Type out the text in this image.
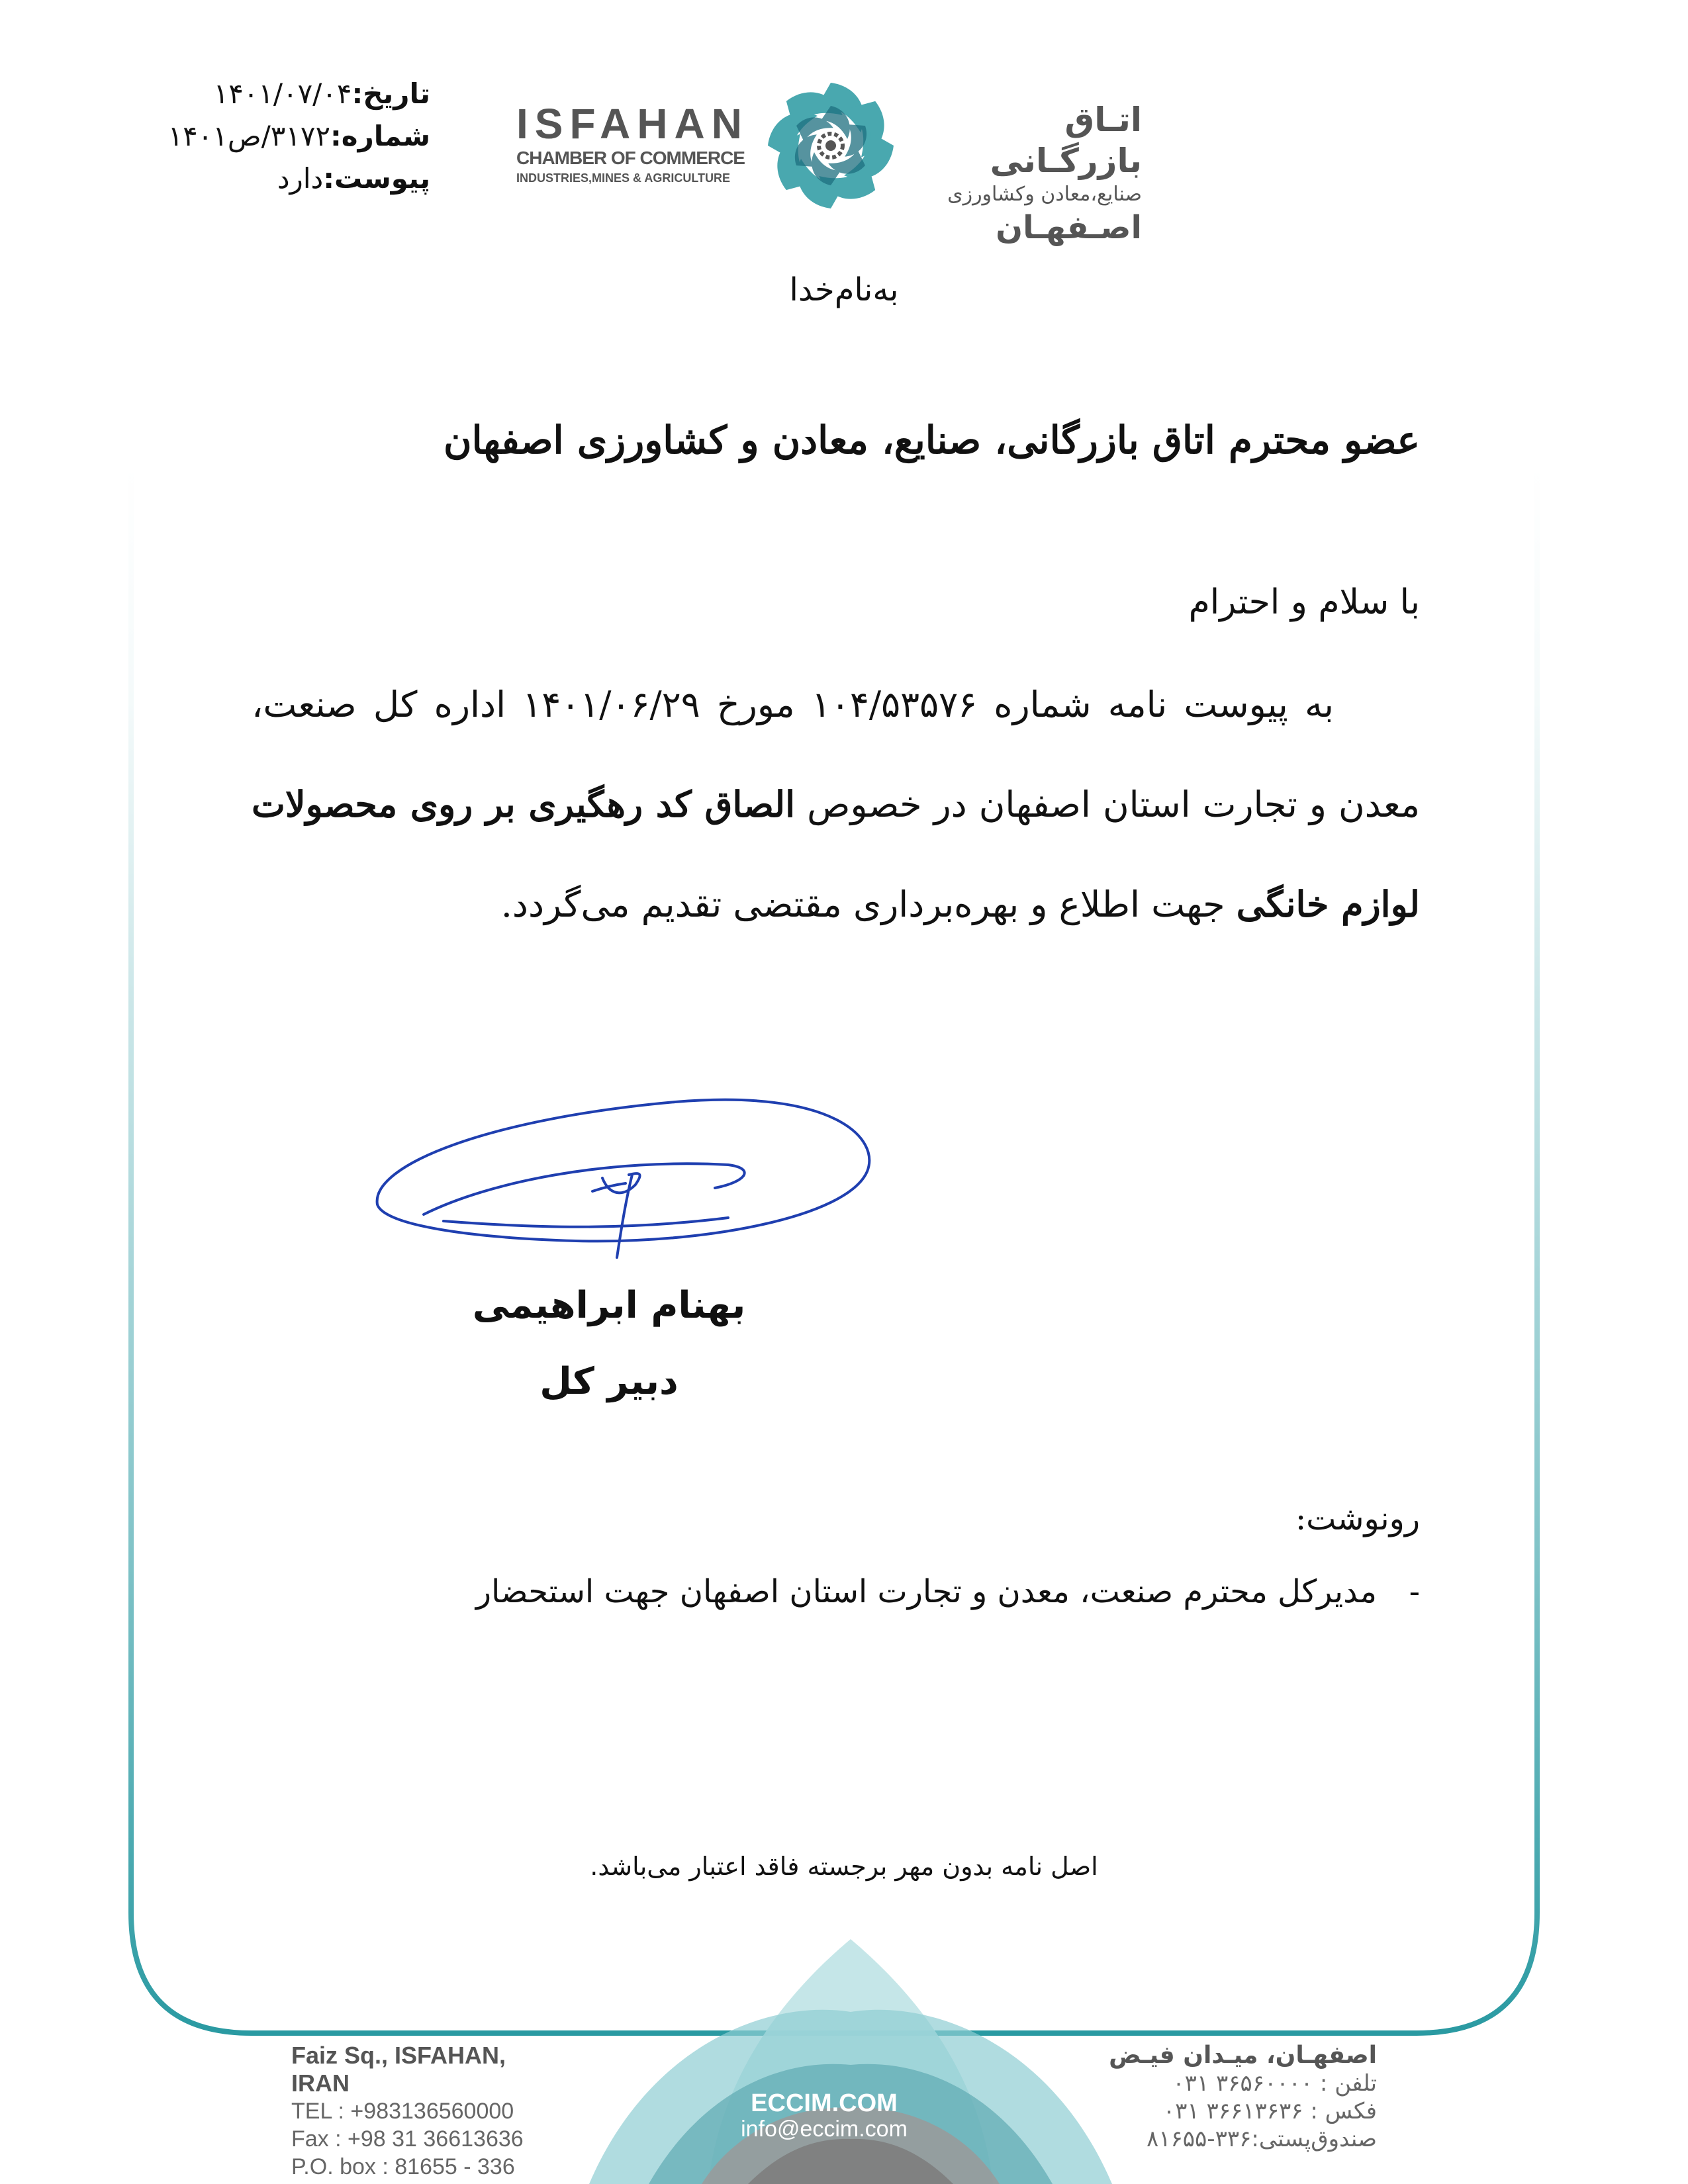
تاریخ:۱۴۰۱/۰۷/۰۴
شماره:۳۱۷۲/ص۱۴۰۱
پیوست:دارد
ISFAHAN
CHAMBER OF COMMERCE
INDUSTRIES,MINES & AGRICULTURE
اتـاق بازرگـانی
صنایع،معادن وکشاورزی
اصـفهـان
به‌نام‌خدا
عضو محترم اتاق بازرگانی، صنایع، معادن و کشاورزی اصفهان
با سلام و احترام
به پیوست نامه شماره ۱۰۴/۵۳۵۷۶ مورخ ۱۴۰۱/۰۶/۲۹ اداره کل صنعت، معدن و تجارت استان اصفهان در خصوص الصاق کد رهگیری بر روی محصولات لوازم خانگی جهت اطلاع و بهره‌برداری مقتضی تقدیم می‌گردد.
بهنام ابراهیمی
دبیر کل
رونوشت:
-
مدیرکل محترم صنعت، معدن و تجارت استان اصفهان جهت استحضار
اصل نامه بدون مهر برجسته فاقد اعتبار می‌باشد.
Faiz Sq., ISFAHAN, IRAN
TEL : +983136560000
Fax : +98 31 36613636
P.O. box : 81655 - 336
ECCIM.COM
info@eccim.com
اصفهـان، میـدان فیـض
تلفن : ۳۶۵۶۰۰۰۰ ۰۳۱
فکس : ۳۶۶۱۳۶۳۶ ۰۳۱
صندوق‌پستی:۳۳۶-۸۱۶۵۵
